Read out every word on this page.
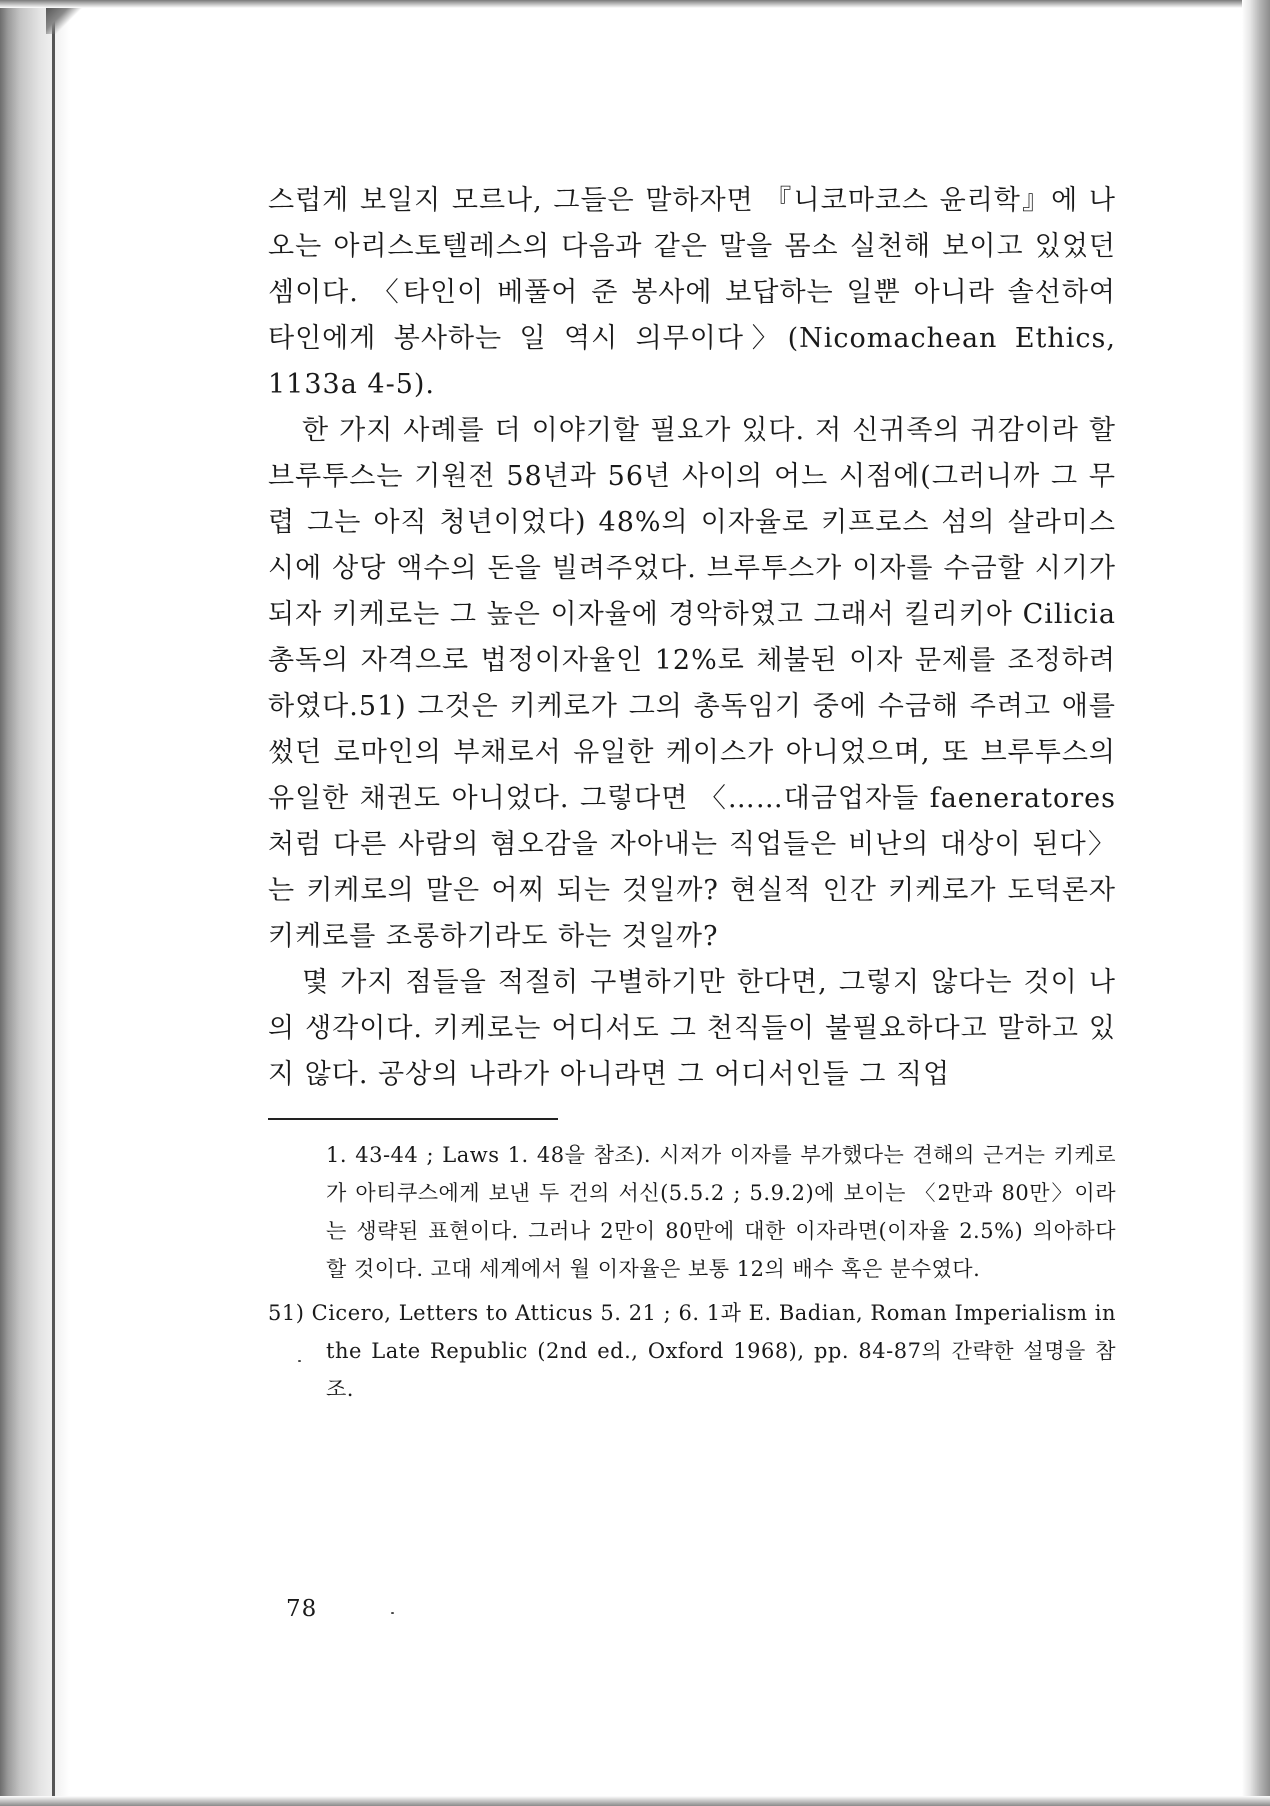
스럽게 보일지 모르나, 그들은 말하자면 『니코마코스 윤리학』에 나오는 아리스토텔레스의 다음과 같은 말을 몸소 실천해 보이고 있었던 셈이다. 〈타인이 베풀어 준 봉사에 보답하는 일뿐 아니라 솔선하여 타인에게 봉사하는 일 역시 의무이다〉(Nicomachean Ethics, 1133a 4-5).

한 가지 사례를 더 이야기할 필요가 있다. 저 신귀족의 귀감이라 할 브루투스는 기원전 58년과 56년 사이의 어느 시점에(그러니까 그 무렵 그는 아직 청년이었다) 48%의 이자율로 키프로스 섬의 살라미스 시에 상당 액수의 돈을 빌려주었다. 브루투스가 이자를 수금할 시기가 되자 키케로는 그 높은 이자율에 경악하였고 그래서 킬리키아 Cilicia 총독의 자격으로 법정이자율인 12%로 체불된 이자 문제를 조정하려 하였다.51) 그것은 키케로가 그의 총독임기 중에 수금해 주려고 애를 썼던 로마인의 부채로서 유일한 케이스가 아니었으며, 또 브루투스의 유일한 채권도 아니었다. 그렇다면 〈……대금업자들 faeneratores처럼 다른 사람의 혐오감을 자아내는 직업들은 비난의 대상이 된다〉는 키케로의 말은 어찌 되는 것일까? 현실적 인간 키케로가 도덕론자 키케로를 조롱하기라도 하는 것일까?

몇 가지 점들을 적절히 구별하기만 한다면, 그렇지 않다는 것이 나의 생각이다. 키케로는 어디서도 그 천직들이 불필요하다고 말하고 있지 않다. 공상의 나라가 아니라면 그 어디서인들 그 직업

1. 43-44 ; Laws 1. 48을 참조). 시저가 이자를 부가했다는 견해의 근거는 키케로가 아티쿠스에게 보낸 두 건의 서신(5.5.2 ; 5.9.2)에 보이는 〈2만과 80만〉이라는 생략된 표현이다. 그러나 2만이 80만에 대한 이자라면(이자율 2.5%) 의아하다 할 것이다. 고대 세계에서 월 이자율은 보통 12의 배수 혹은 분수였다.

51) Cicero, Letters to Atticus 5. 21 ; 6. 1과 E. Badian, Roman Imperialism in the Late Republic (2nd ed., Oxford 1968), pp. 84-87의 간략한 설명을 참조.

78
